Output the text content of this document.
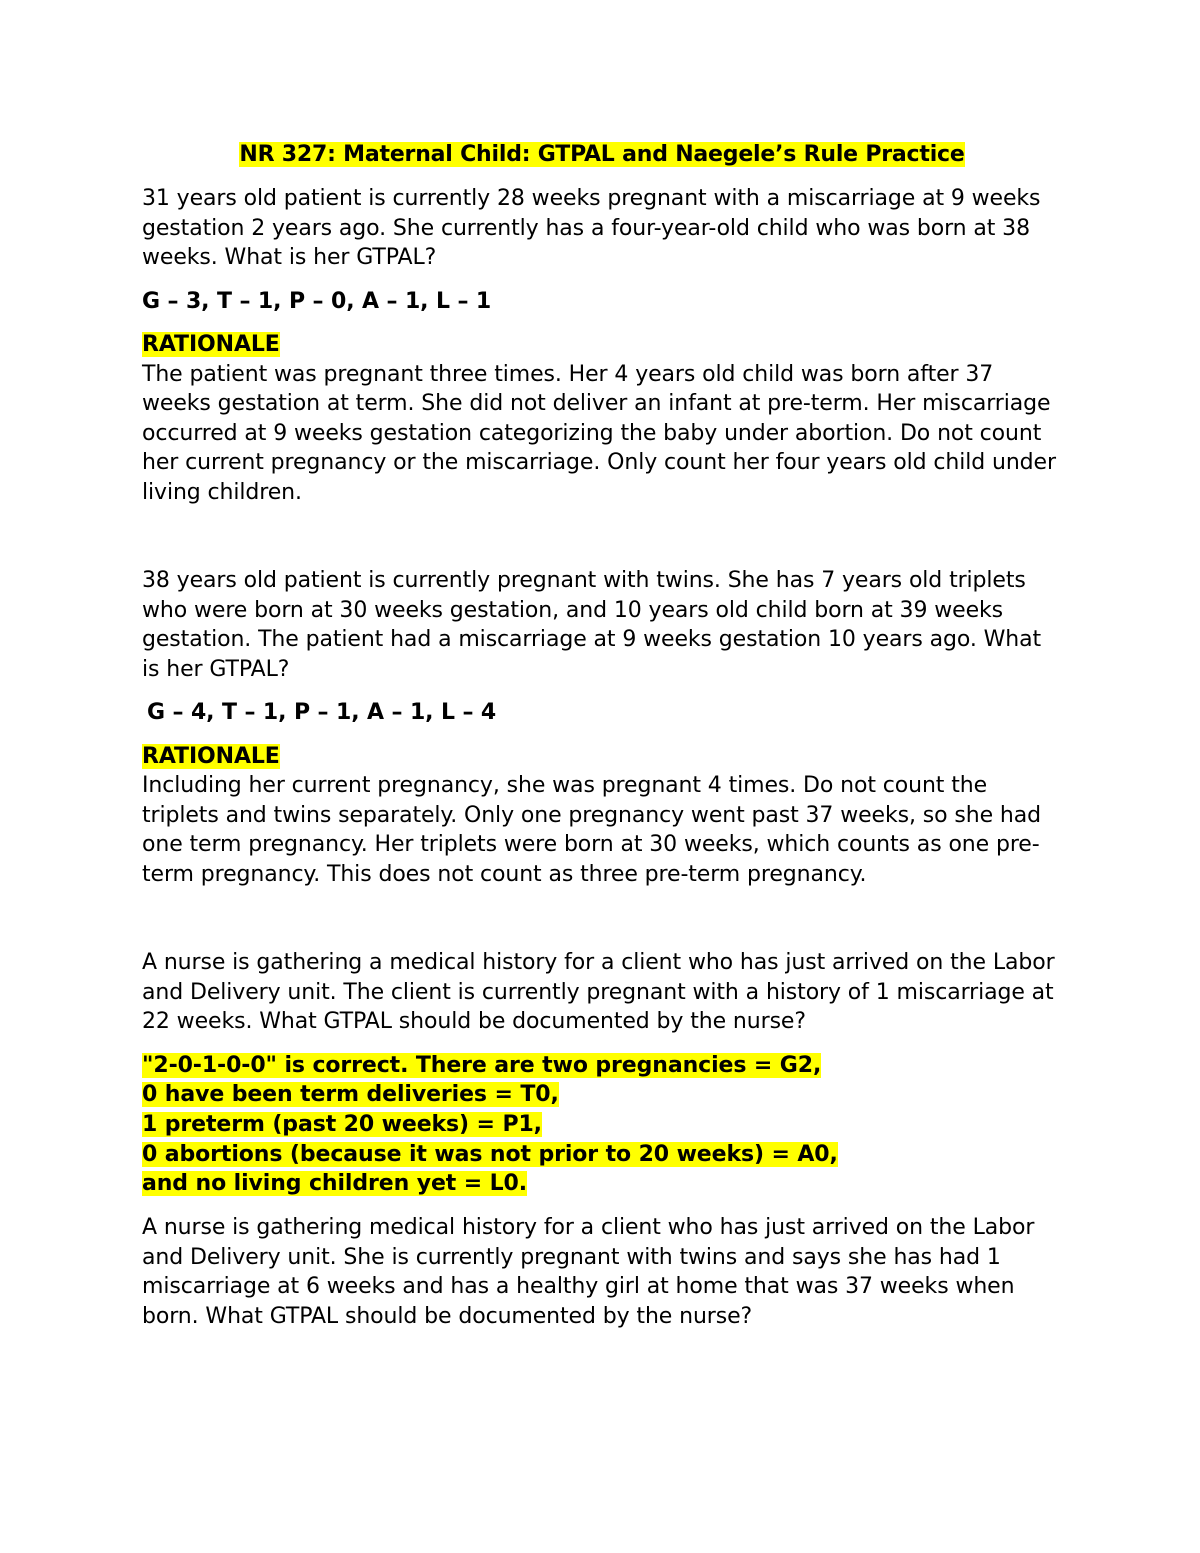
NR 327: Maternal Child: GTPAL and Naegele’s Rule Practice

31 years old patient is currently 28 weeks pregnant with a miscarriage at 9 weeks gestation 2 years ago. She currently has a four-year-old child who was born at 38 weeks. What is her GTPAL?

G – 3, T – 1, P – 0, A – 1, L – 1

RATIONALE

The patient was pregnant three times. Her 4 years old child was born after 37 weeks gestation at term. She did not deliver an infant at pre-term. Her miscarriage occurred at 9 weeks gestation categorizing the baby under abortion. Do not count her current pregnancy or the miscarriage. Only count her four years old child under living children.

38 years old patient is currently pregnant with twins. She has 7 years old triplets who were born at 30 weeks gestation, and 10 years old child born at 39 weeks gestation. The patient had a miscarriage at 9 weeks gestation 10 years ago. What is her GTPAL?

G – 4, T – 1, P – 1, A – 1, L – 4

RATIONALE

Including her current pregnancy, she was pregnant 4 times. Do not count the triplets and twins separately. Only one pregnancy went past 37 weeks, so she had one term pregnancy. Her triplets were born at 30 weeks, which counts as one pre-term pregnancy. This does not count as three pre-term pregnancy.

A nurse is gathering a medical history for a client who has just arrived on the Labor and Delivery unit. The client is currently pregnant with a history of 1 miscarriage at 22 weeks. What GTPAL should be documented by the nurse?

"2-0-1-0-0" is correct. There are two pregnancies = G2,

0 have been term deliveries = T0,

1 preterm (past 20 weeks) = P1,

0 abortions (because it was not prior to 20 weeks) = A0,

and no living children yet = L0.

A nurse is gathering medical history for a client who has just arrived on the Labor and Delivery unit. She is currently pregnant with twins and says she has had 1 miscarriage at 6 weeks and has a healthy girl at home that was 37 weeks when born. What GTPAL should be documented by the nurse?
